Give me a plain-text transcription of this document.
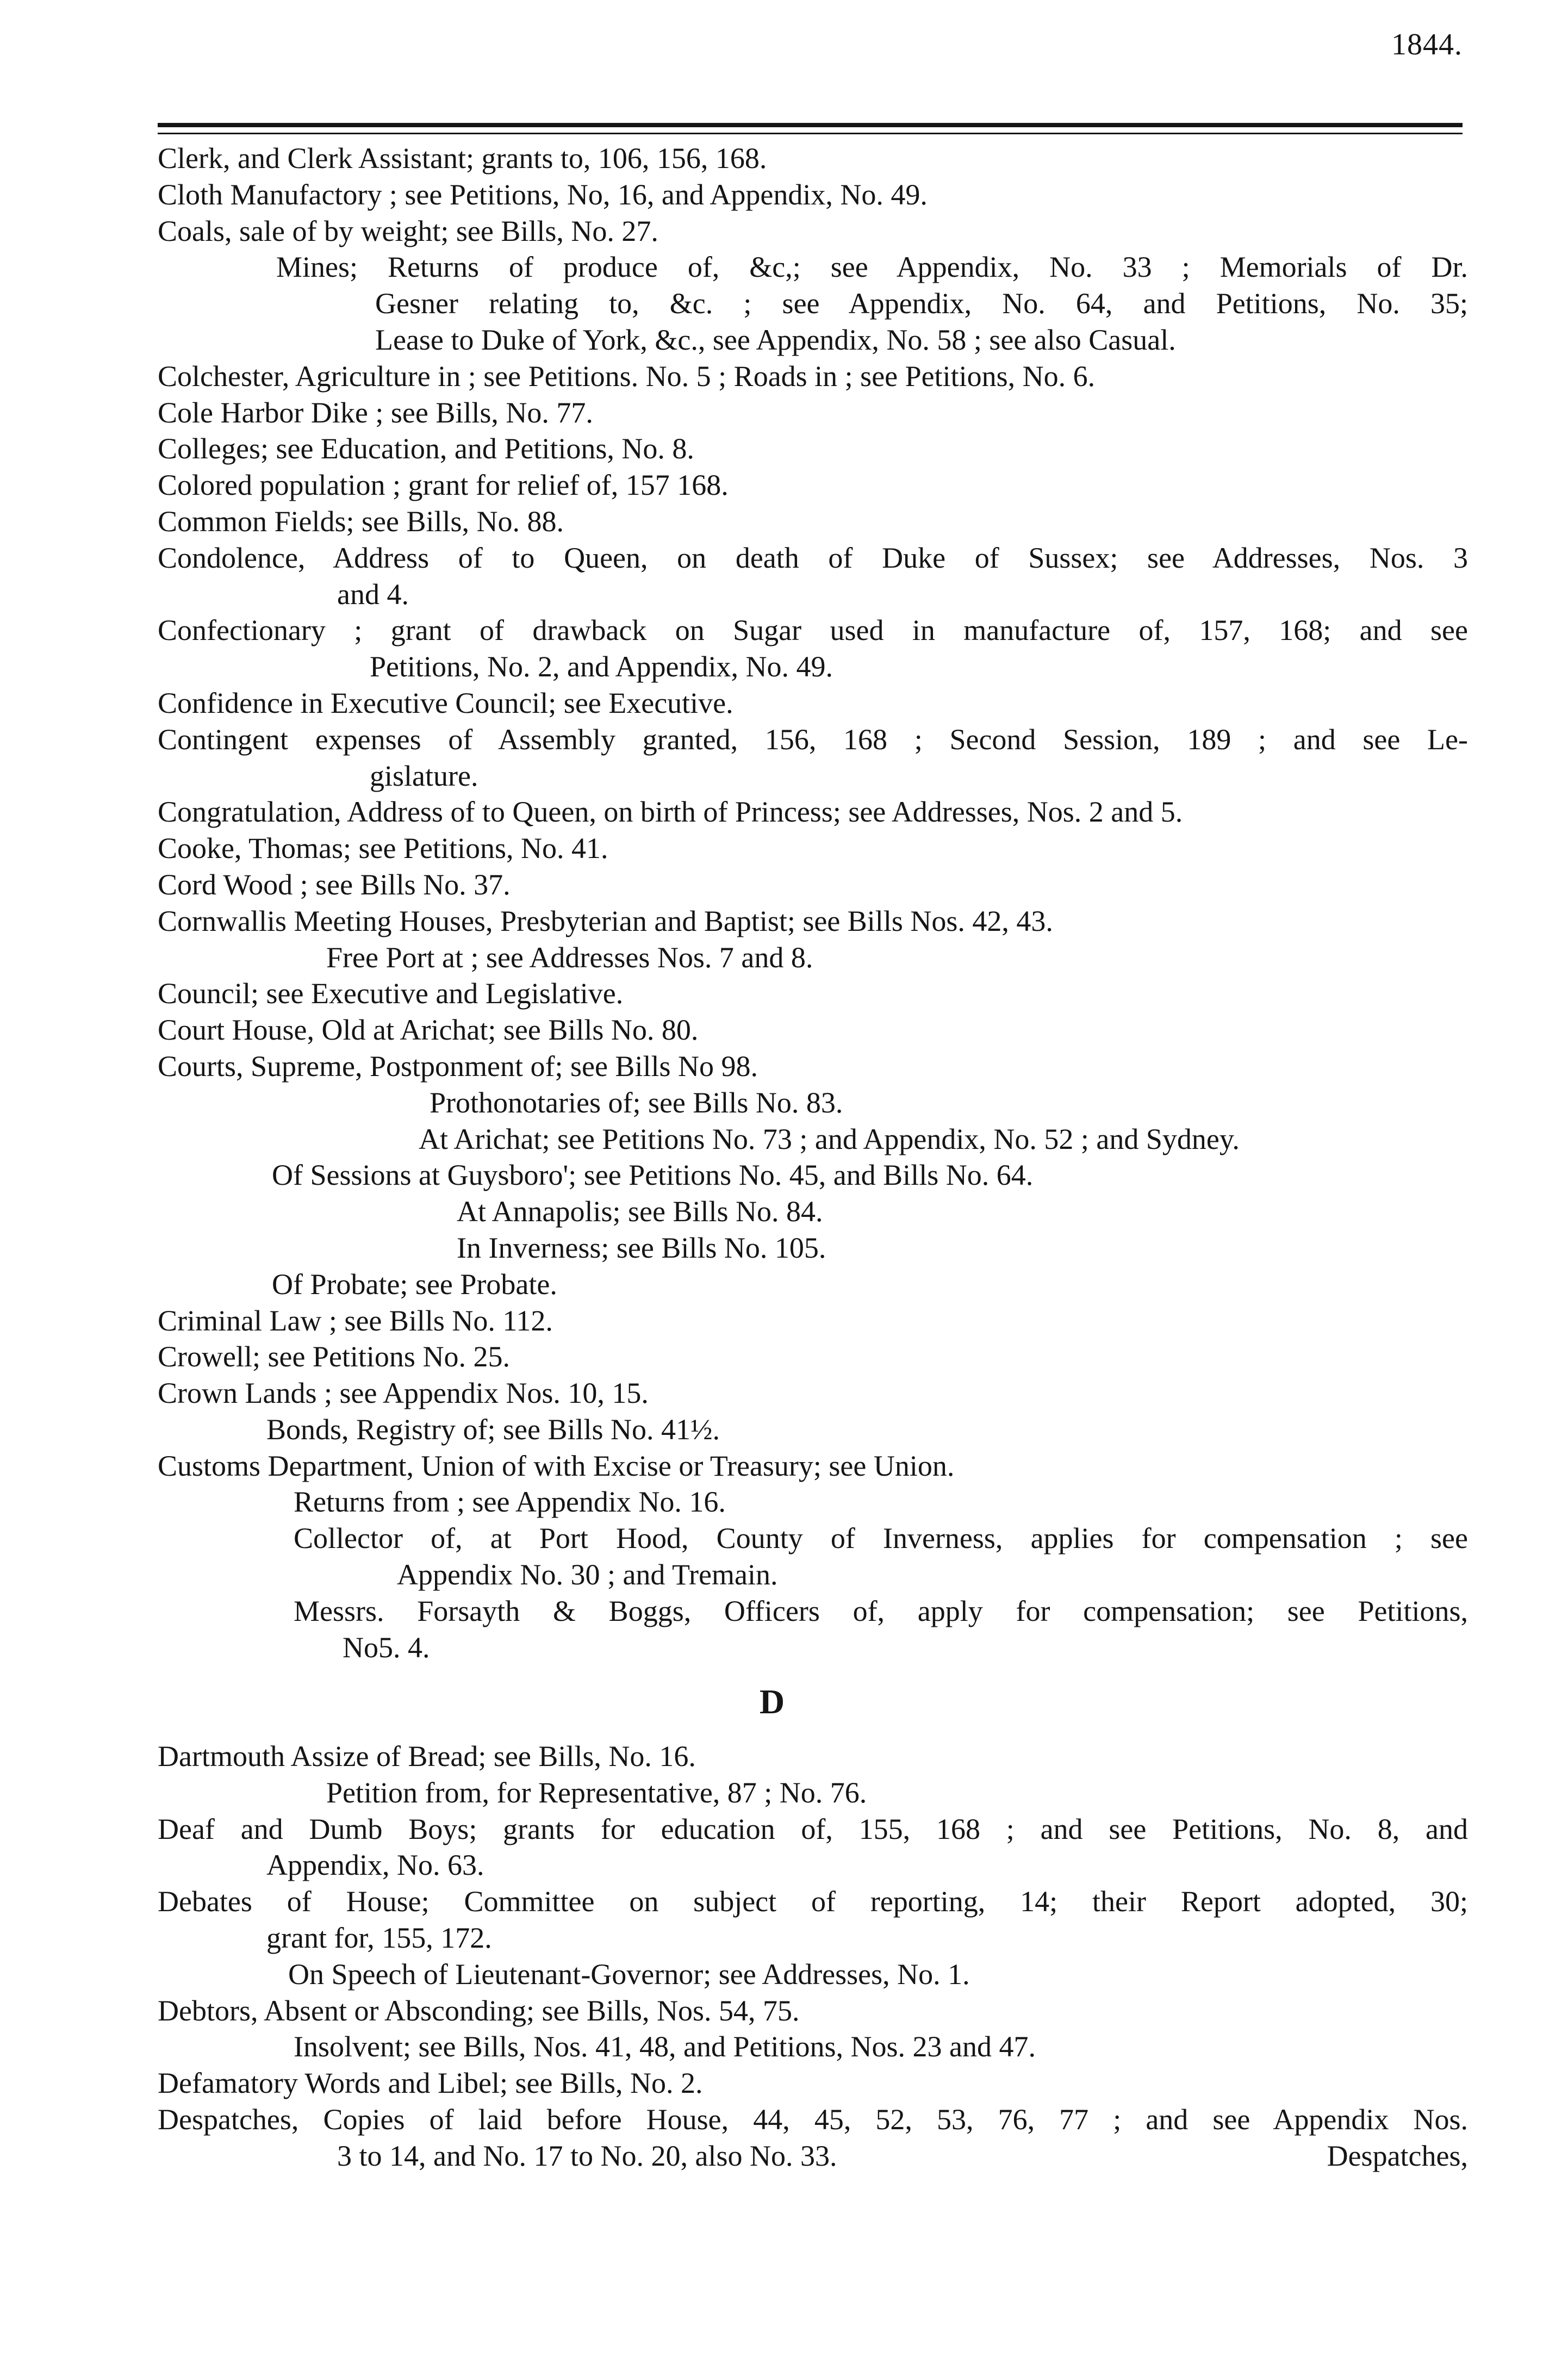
1844.
Clerk, and Clerk Assistant; grants to, 106, 156, 168.
Cloth Manufactory ; see Petitions, No, 16, and Appendix, No. 49.
Coals, sale of by weight; see Bills, No. 27.
Mines; Returns of produce of, &c,; see Appendix, No. 33 ; Memorials of Dr.
Gesner relating to, &c. ; see Appendix, No. 64, and Petitions, No. 35;
Lease to Duke of York, &c., see Appendix, No. 58 ; see also Casual.
Colchester, Agriculture in ; see Petitions. No. 5 ; Roads in ; see Petitions, No. 6.
Cole Harbor Dike ; see Bills, No. 77.
Colleges; see Education, and Petitions, No. 8.
Colored population ; grant for relief of, 157 168.
Common Fields; see Bills, No. 88.
Condolence, Address of to Queen, on death of Duke of Sussex; see Addresses, Nos. 3
and 4.
Confectionary ; grant of drawback on Sugar used in manufacture of, 157, 168; and see
Petitions, No. 2, and Appendix, No. 49.
Confidence in Executive Council; see Executive.
Contingent expenses of Assembly granted, 156, 168 ; Second Session, 189 ; and see Le-
gislature.
Congratulation, Address of to Queen, on birth of Princess; see Addresses, Nos. 2 and 5.
Cooke, Thomas; see Petitions, No. 41.
Cord Wood ; see Bills No. 37.
Cornwallis Meeting Houses, Presbyterian and Baptist; see Bills Nos. 42, 43.
Free Port at ; see Addresses Nos. 7 and 8.
Council; see Executive and Legislative.
Court House, Old at Arichat; see Bills No. 80.
Courts, Supreme, Postponment of; see Bills No 98.
Prothonotaries of; see Bills No. 83.
At Arichat; see Petitions No. 73 ; and Appendix, No. 52 ; and Sydney.
Of Sessions at Guysboro'; see Petitions No. 45, and Bills No. 64.
At Annapolis; see Bills No. 84.
In Inverness; see Bills No. 105.
Of Probate; see Probate.
Criminal Law ; see Bills No. 112.
Crowell; see Petitions No. 25.
Crown Lands ; see Appendix Nos. 10, 15.
Bonds, Registry of; see Bills No. 41½.
Customs Department, Union of with Excise or Treasury; see Union.
Returns from ; see Appendix No. 16.
Collector of, at Port Hood, County of Inverness, applies for compensation ; see
Appendix No. 30 ; and Tremain.
Messrs. Forsayth & Boggs, Officers of, apply for compensation; see Petitions,
No5. 4.
D
Dartmouth Assize of Bread; see Bills, No. 16.
Petition from, for Representative, 87 ; No. 76.
Deaf and Dumb Boys; grants for education of, 155, 168 ; and see Petitions, No. 8, and
Appendix, No. 63.
Debates of House; Committee on subject of reporting, 14; their Report adopted, 30;
grant for, 155, 172.
On Speech of Lieutenant-Governor; see Addresses, No. 1.
Debtors, Absent or Absconding; see Bills, Nos. 54, 75.
Insolvent; see Bills, Nos. 41, 48, and Petitions, Nos. 23 and 47.
Defamatory Words and Libel; see Bills, No. 2.
Despatches, Copies of laid before House, 44, 45, 52, 53, 76, 77 ; and see Appendix Nos.
Despatches,
3 to 14, and No. 17 to No. 20, also No. 33.
